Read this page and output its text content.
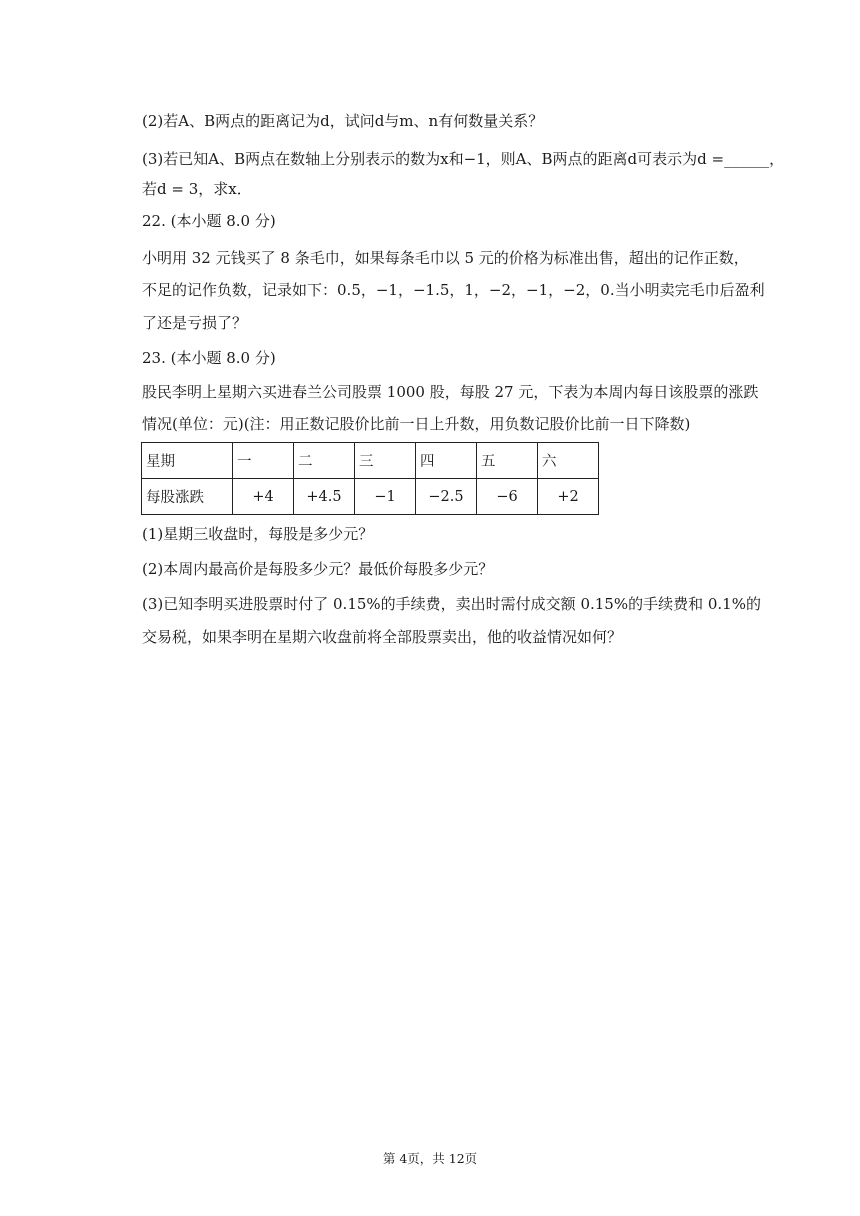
(2)若A、B两点的距离记为d，试问d与m、n有何数量关系？
(3)若已知A、B两点在数轴上分别表示的数为x和−1，则A、B两点的距离d可表示为d =______，
若d = 3，求x．
22. (本小题 8.0 分)
小明用 32 元钱买了 8 条毛巾，如果每条毛巾以 5 元的价格为标准出售，超出的记作正数，
不足的记作负数，记录如下：0.5，−1，−1.5，1，−2，−1，−2，0.当小明卖完毛巾后盈利
了还是亏损了？
23. (本小题 8.0 分)
股民李明上星期六买进春兰公司股票 1000 股，每股 27 元，下表为本周内每日该股票的涨跌
情况(单位：元)(注：用正数记股价比前一日上升数，用负数记股价比前一日下降数)
星期	一	二	三	四	五	六
每股涨跌	+4	+4.5	−1	−2.5	−6	+2
(1)星期三收盘时，每股是多少元？
(2)本周内最高价是每股多少元？最低价每股多少元？
(3)已知李明买进股票时付了 0.15%的手续费，卖出时需付成交额 0.15%的手续费和 0.1%的
交易税，如果李明在星期六收盘前将全部股票卖出，他的收益情况如何？
第 4页，共 12页
